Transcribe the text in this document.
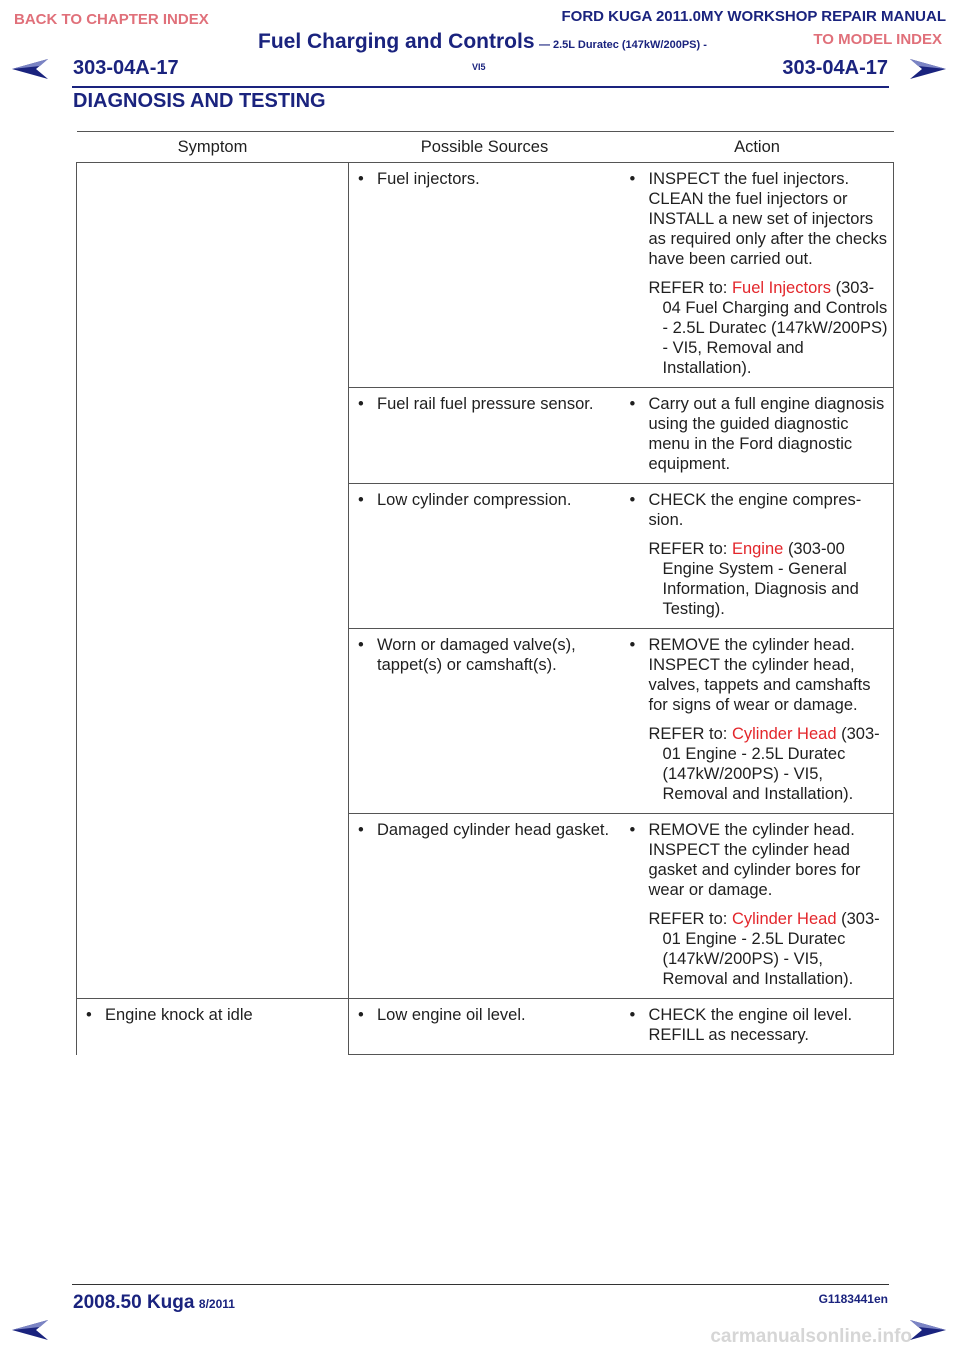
BACK TO CHAPTER INDEX	FORD KUGA 2011.0MY WORKSHOP REPAIR MANUAL
TO MODEL INDEX
Fuel Charging and Controls — 2.5L Duratec (147kW/200PS) -
VI5
303-04A-17	303-04A-17
DIAGNOSIS AND TESTING
Symptom	Possible Sources	Action

	• Fuel injectors.	• INSPECT the fuel injectors. CLEAN the fuel injectors or INSTALL a new set of injectors as required only after the checks have been carried out.
REFER to: Fuel Injectors (303-04 Fuel Charging and Controls - 2.5L Duratec (147kW/200PS) - VI5, Removal and Installation).

	• Fuel rail fuel pressure sensor.	• Carry out a full engine diagnosis using the guided diagnostic menu in the Ford diagnostic equipment.

	• Low cylinder compression.	• CHECK the engine compres-sion.
REFER to: Engine (303-00 Engine System - General Information, Diagnosis and Testing).

	• Worn or damaged valve(s), tappet(s) or camshaft(s).	• REMOVE the cylinder head. INSPECT the cylinder head, valves, tappets and camshafts for signs of wear or damage.
REFER to: Cylinder Head (303-01 Engine - 2.5L Duratec (147kW/200PS) - VI5, Removal and Installation).

	• Damaged cylinder head gasket.	• REMOVE the cylinder head. INSPECT the cylinder head gasket and cylinder bores for wear or damage.
REFER to: Cylinder Head (303-01 Engine - 2.5L Duratec (147kW/200PS) - VI5, Removal and Installation).

• Engine knock at idle	• Low engine oil level.	• CHECK the engine oil level. REFILL as necessary.
2008.50 Kuga 8/2011	G1183441en
carmanualsonline.info
